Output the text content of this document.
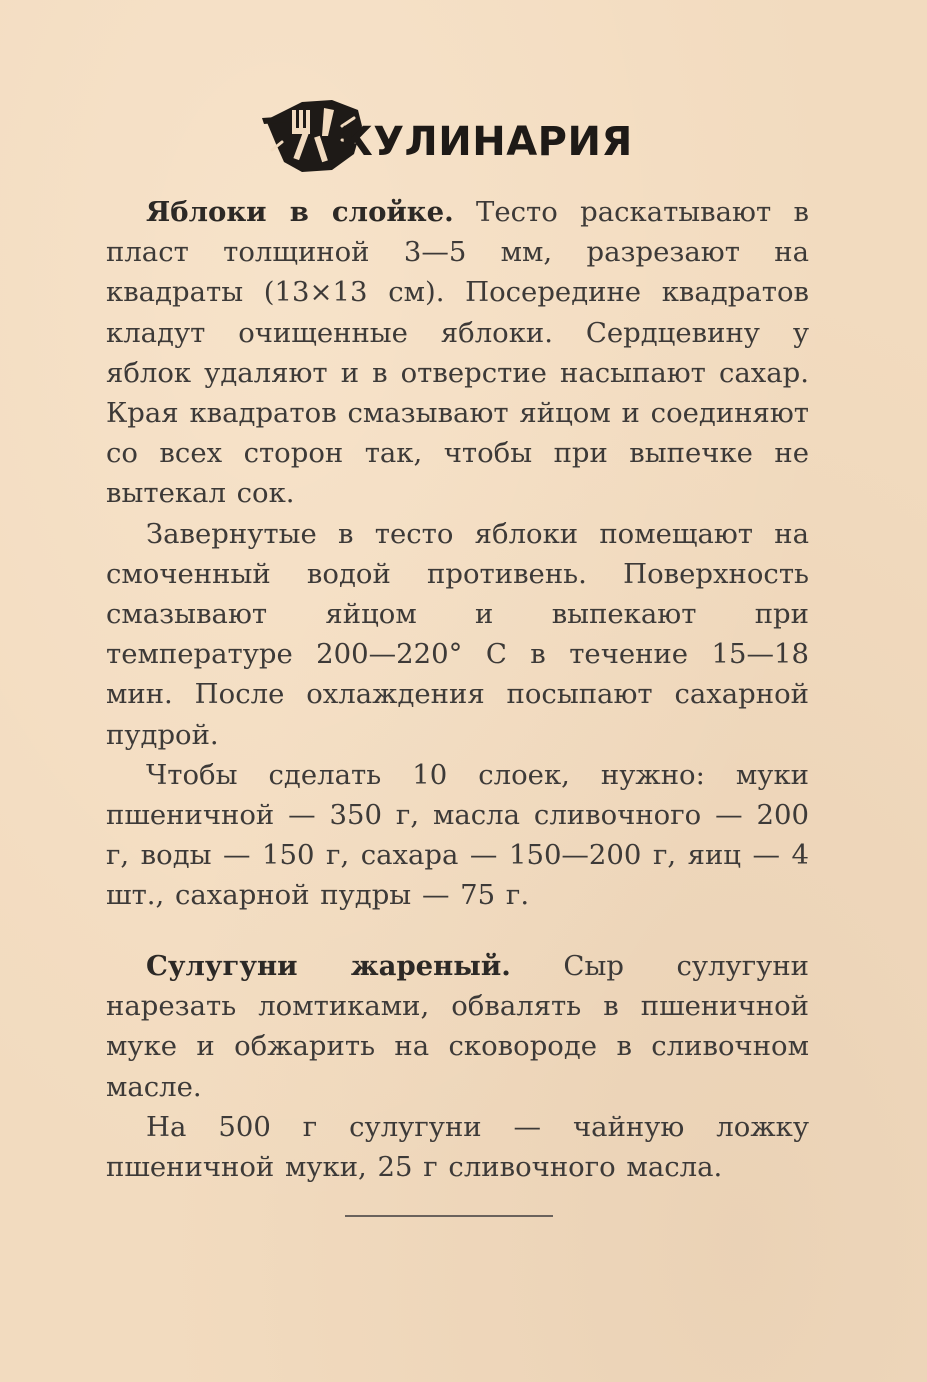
КУЛИНАРИЯ

Яблоки в слойке. Тесто раскатывают в пласт толщиной 3—5 мм, разрезают на квадраты (13×13 см). Посередине квадратов кладут очищенные яблоки. Сердцевину у яблок удаляют и в отверстие насыпают сахар. Края квадратов смазывают яйцом и соединяют со всех сторон так, чтобы при выпечке не вытекал сок.

Завернутые в тесто яблоки помещают на смоченный водой противень. Поверхность смазывают яйцом и выпекают при температуре 200—220° С в течение 15—18 мин. После охлаждения посыпают сахарной пудрой.

Чтобы сделать 10 слоек, нужно: муки пшеничной — 350 г, масла сливочного — 200 г, воды — 150 г, сахара — 150—200 г, яиц — 4 шт., сахарной пудры — 75 г.

Сулугуни жареный. Сыр сулугуни нарезать ломтиками, обвалять в пшеничной муке и обжарить на сковороде в сливочном масле.

На 500 г сулугуни — чайную ложку пшеничной муки, 25 г сливочного масла.
